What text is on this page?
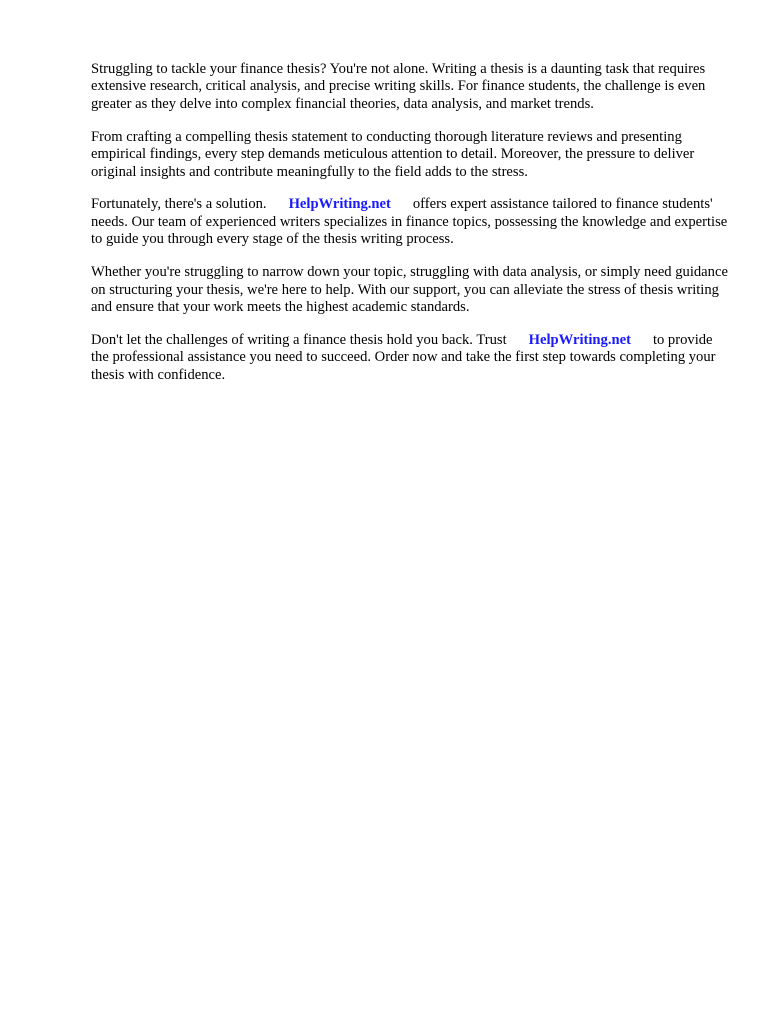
Struggling to tackle your finance thesis? You're not alone. Writing a thesis is a daunting task that requires extensive research, critical analysis, and precise writing skills. For finance students, the challenge is even greater as they delve into complex financial theories, data analysis, and market trends.

From crafting a compelling thesis statement to conducting thorough literature reviews and presenting empirical findings, every step demands meticulous attention to detail. Moreover, the pressure to deliver original insights and contribute meaningfully to the field adds to the stress.

Fortunately, there's a solution. HelpWriting.net offers expert assistance tailored to finance students' needs. Our team of experienced writers specializes in finance topics, possessing the knowledge and expertise to guide you through every stage of the thesis writing process.

Whether you're struggling to narrow down your topic, struggling with data analysis, or simply need guidance on structuring your thesis, we're here to help. With our support, you can alleviate the stress of thesis writing and ensure that your work meets the highest academic standards.

Don't let the challenges of writing a finance thesis hold you back. Trust HelpWriting.net to provide the professional assistance you need to succeed. Order now and take the first step towards completing your thesis with confidence.
